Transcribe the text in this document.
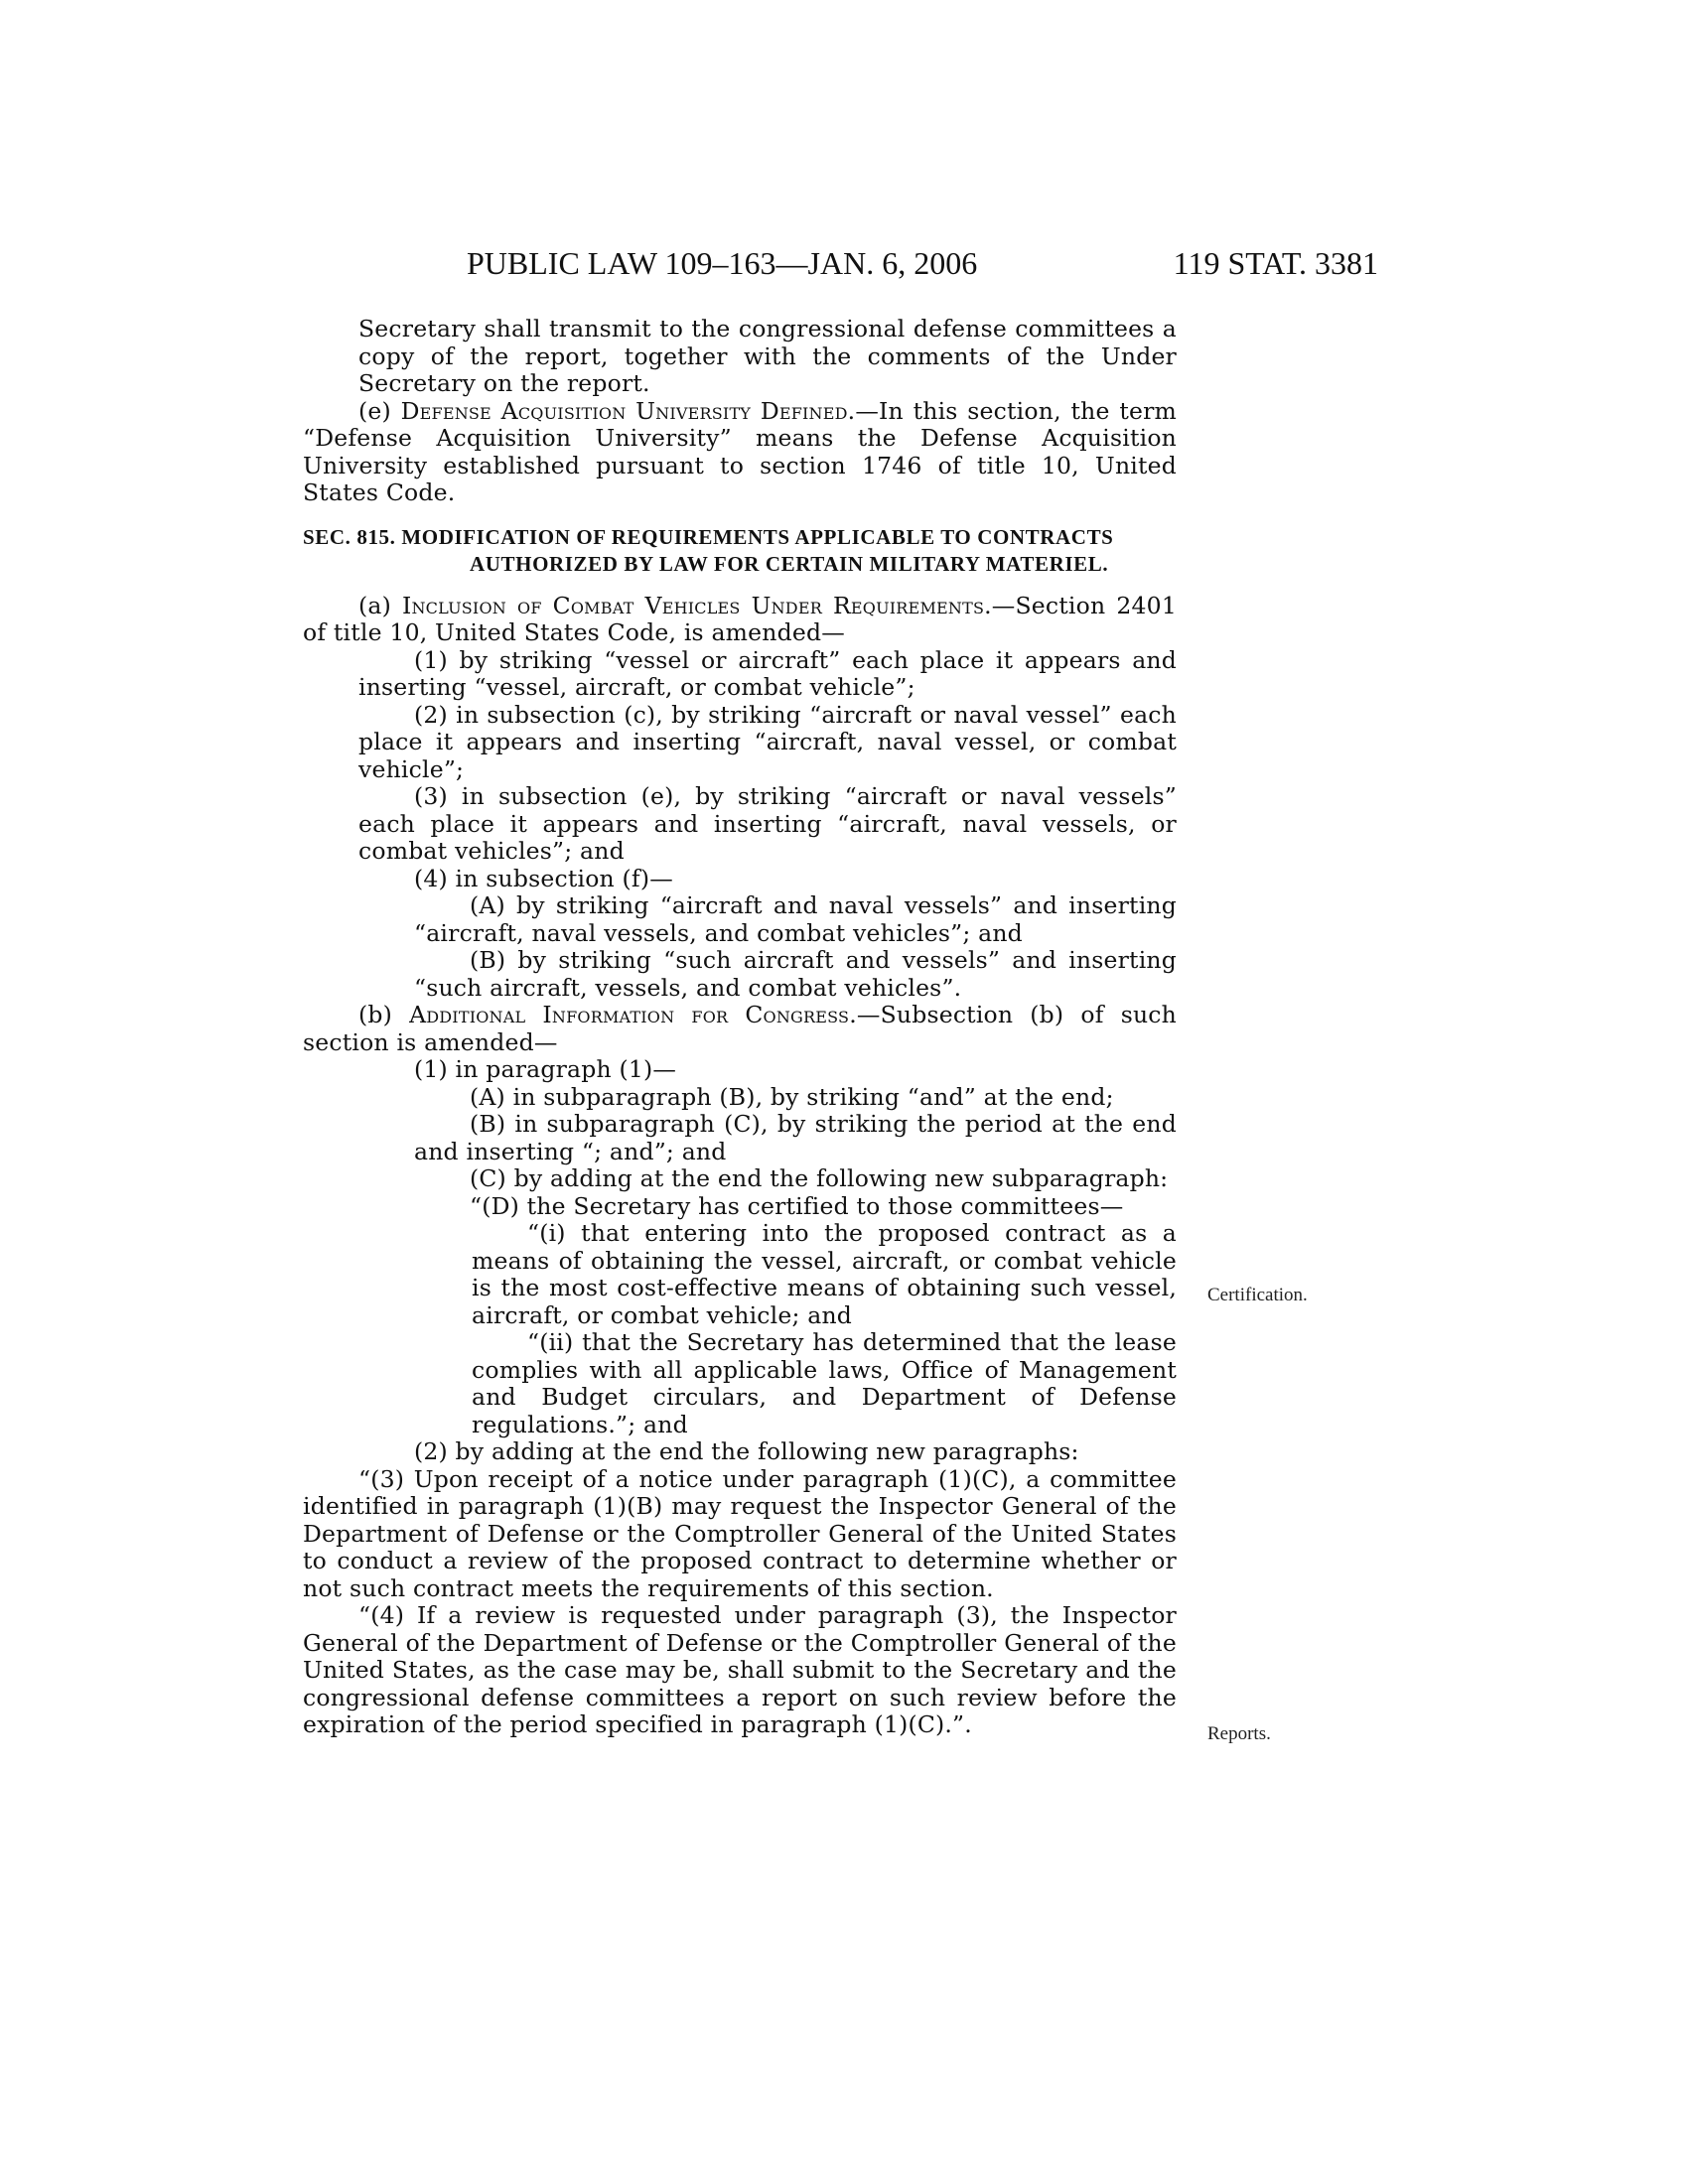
PUBLIC LAW 109–163—JAN. 6, 2006	119 STAT. 3381

Secretary shall transmit to the congressional defense committees a copy of the report, together with the comments of the Under Secretary on the report.

(e) Defense Acquisition University Defined.—In this section, the term “Defense Acquisition University” means the Defense Acquisition University established pursuant to section 1746 of title 10, United States Code.

SEC. 815. MODIFICATION OF REQUIREMENTS APPLICABLE TO CONTRACTS AUTHORIZED BY LAW FOR CERTAIN MILITARY MATERIEL.

(a) Inclusion of Combat Vehicles Under Requirements.—Section 2401 of title 10, United States Code, is amended—

(1) by striking “vessel or aircraft” each place it appears and inserting “vessel, aircraft, or combat vehicle”;

(2) in subsection (c), by striking “aircraft or naval vessel” each place it appears and inserting “aircraft, naval vessel, or combat vehicle”;

(3) in subsection (e), by striking “aircraft or naval vessels” each place it appears and inserting “aircraft, naval vessels, or combat vehicles”; and

(4) in subsection (f)—

(A) by striking “aircraft and naval vessels” and inserting “aircraft, naval vessels, and combat vehicles”; and

(B) by striking “such aircraft and vessels” and inserting “such aircraft, vessels, and combat vehicles”.

(b) Additional Information for Congress.—Subsection (b) of such section is amended—

(1) in paragraph (1)—

(A) in subparagraph (B), by striking “and” at the end;

(B) in subparagraph (C), by striking the period at the end and inserting “; and”; and

(C) by adding at the end the following new subparagraph:

“(D) the Secretary has certified to those committees—

“(i) that entering into the proposed contract as a means of obtaining the vessel, aircraft, or combat vehicle is the most cost-effective means of obtaining such vessel, aircraft, or combat vehicle; and

“(ii) that the Secretary has determined that the lease complies with all applicable laws, Office of Management and Budget circulars, and Department of Defense regulations.”; and

(2) by adding at the end the following new paragraphs:

“(3) Upon receipt of a notice under paragraph (1)(C), a committee identified in paragraph (1)(B) may request the Inspector General of the Department of Defense or the Comptroller General of the United States to conduct a review of the proposed contract to determine whether or not such contract meets the requirements of this section.

“(4) If a review is requested under paragraph (3), the Inspector General of the Department of Defense or the Comptroller General of the United States, as the case may be, shall submit to the Secretary and the congressional defense committees a report on such review before the expiration of the period specified in paragraph (1)(C).”.

Certification.
Reports.
